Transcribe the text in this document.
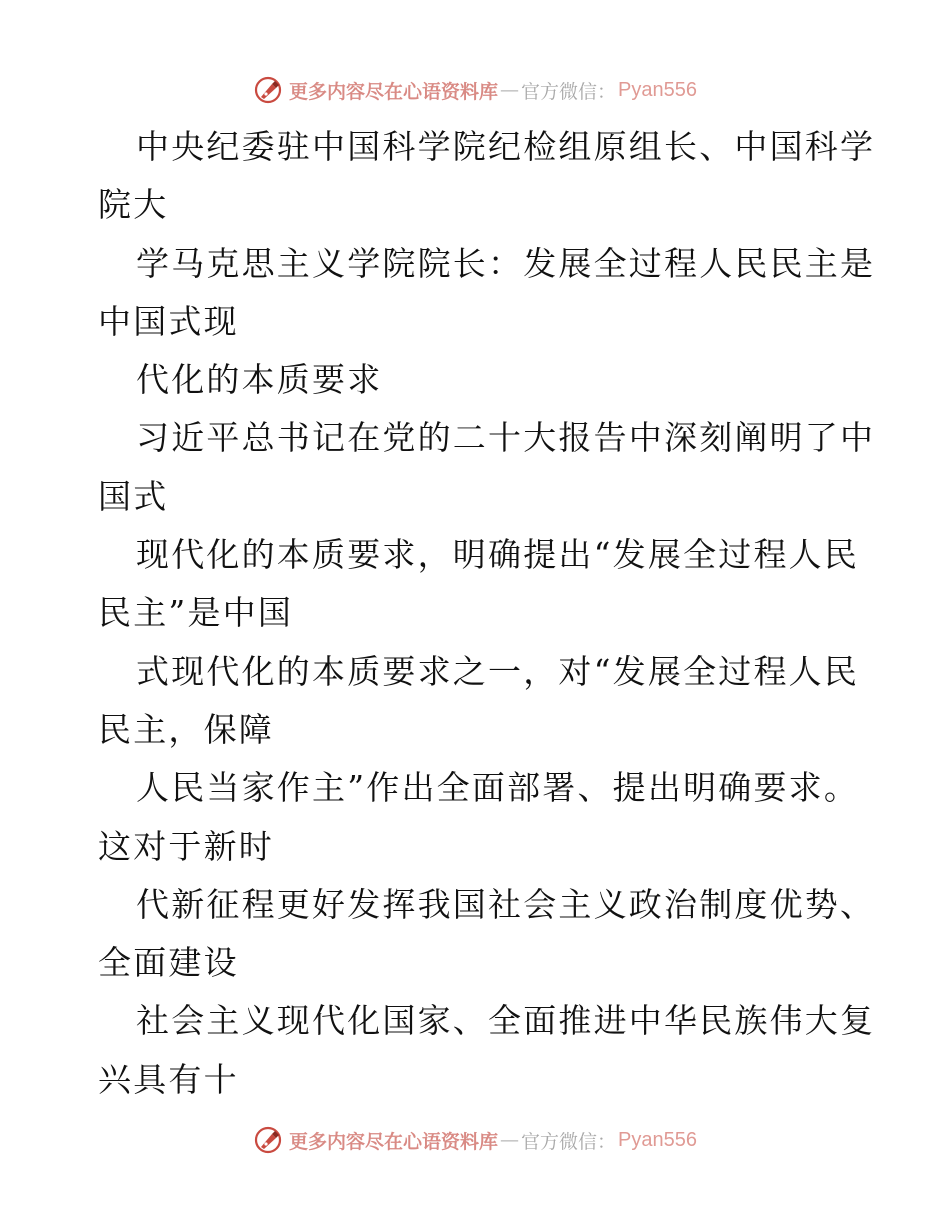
更多内容尽在心语资料库 — 官方微信： Pyan556
中央纪委驻中国科学院纪检组原组长、中国科学
院大
学马克思主义学院院长：发展全过程人民民主是
中国式现
代化的本质要求
习近平总书记在党的二十大报告中深刻阐明了中
国式
现代化的本质要求，明确提出“发展全过程人民
民主”是中国
式现代化的本质要求之一，对“发展全过程人民
民主，保障
人民当家作主”作出全面部署、提出明确要求。
这对于新时
代新征程更好发挥我国社会主义政治制度优势、
全面建设
社会主义现代化国家、全面推进中华民族伟大复
兴具有十
更多内容尽在心语资料库 — 官方微信： Pyan556
